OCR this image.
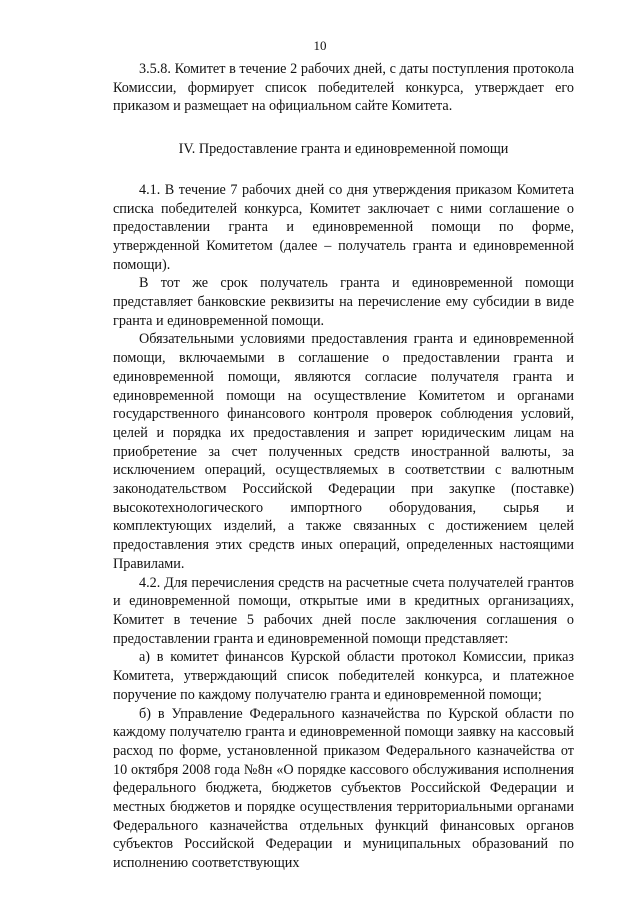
10

3.5.8. Комитет в течение 2 рабочих дней, с даты поступления протокола Комиссии, формирует список победителей конкурса, утверждает его приказом и размещает на официальном сайте Комитета.

IV. Предоставление гранта и единовременной помощи

4.1. В течение 7 рабочих дней со дня утверждения приказом Комитета списка победителей конкурса, Комитет заключает с ними соглашение о предоставлении гранта и единовременной помощи по форме, утвержденной Комитетом (далее – получатель гранта и единовременной помощи).

В тот же срок получатель гранта и единовременной помощи представляет банковские реквизиты на перечисление ему субсидии в виде гранта и единовременной помощи.

Обязательными условиями предоставления гранта и единовременной помощи, включаемыми в соглашение о предоставлении гранта и единовременной помощи, являются согласие получателя гранта и единовременной помощи на осуществление Комитетом и органами государственного финансового контроля проверок соблюдения условий, целей и порядка их предоставления и запрет юридическим лицам на приобретение за счет полученных средств иностранной валюты, за исключением операций, осуществляемых в соответствии с валютным законодательством Российской Федерации при закупке (поставке) высокотехнологического импортного оборудования, сырья и комплектующих изделий, а также связанных с достижением целей предоставления этих средств иных операций, определенных настоящими Правилами.

4.2. Для перечисления средств на расчетные счета получателей грантов и единовременной помощи, открытые ими в кредитных организациях, Комитет в течение 5 рабочих дней после заключения соглашения о предоставлении гранта и единовременной помощи представляет:

а) в комитет финансов Курской области протокол Комиссии, приказ Комитета, утверждающий список победителей конкурса, и платежное поручение по каждому получателю гранта и единовременной помощи;

б) в Управление Федерального казначейства по Курской области по каждому получателю гранта и единовременной помощи заявку на кассовый расход по форме, установленной приказом Федерального казначейства от 10 октября 2008 года №8н «О порядке кассового обслуживания исполнения федерального бюджета, бюджетов субъектов Российской Федерации и местных бюджетов и порядке осуществления территориальными органами Федерального казначейства отдельных функций финансовых органов субъектов Российской Федерации и муниципальных образований по исполнению соответствующих
